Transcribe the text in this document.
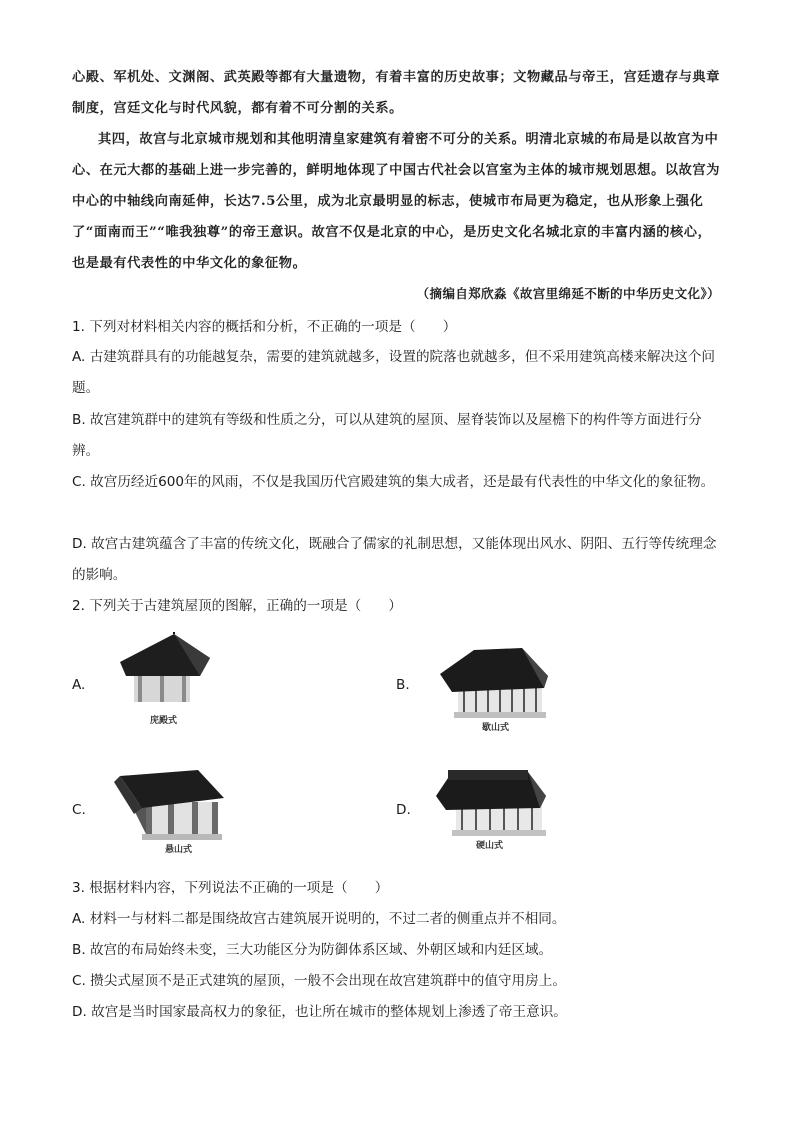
心殿、军机处、文渊阁、武英殿等都有大量遗物，有着丰富的历史故事；文物藏品与帝王，宫廷遗存与典章制度，宫廷文化与时代风貌，都有着不可分割的关系。

其四，故宫与北京城市规划和其他明清皇家建筑有着密不可分的关系。明清北京城的布局是以故宫为中心、在元大都的基础上进一步完善的，鲜明地体现了中国古代社会以宫室为主体的城市规划思想。以故宫为中心的中轴线向南延伸，长达7.5公里，成为北京最明显的标志，使城市布局更为稳定，也从形象上强化了“面南而王”“唯我独尊”的帝王意识。故宫不仅是北京的中心，是历史文化名城北京的丰富内涵的核心，也是最有代表性的中华文化的象征物。

（摘编自郑欣淼《故宫里绵延不断的中华历史文化》）

1. 下列对材料相关内容的概括和分析，不正确的一项是（　　）

A. 古建筑群具有的功能越复杂，需要的建筑就越多，设置的院落也就越多，但不采用建筑高楼来解决这个问题。

B. 故宫建筑群中的建筑有等级和性质之分，可以从建筑的屋顶、屋脊装饰以及屋檐下的构件等方面进行分辨。

C. 故宫历经近600年的风雨，不仅是我国历代宫殿建筑的集大成者，还是最有代表性的中华文化的象征物。

D. 故宫古建筑蕴含了丰富的传统文化，既融合了儒家的礼制思想，又能体现出风水、阴阳、五行等传统理念的影响。

2. 下列关于古建筑屋顶的图解，正确的一项是（　　）

A.
庑殿式
B.
歇山式
C.
悬山式
D.
硬山式

3. 根据材料内容，下列说法不正确的一项是（　　）

A. 材料一与材料二都是围绕故宫古建筑展开说明的，不过二者的侧重点并不相同。

B. 故宫的布局始终未变，三大功能区分为防御体系区域、外朝区域和内廷区域。

C. 攒尖式屋顶不是正式建筑的屋顶，一般不会出现在故宫建筑群中的值守用房上。

D. 故宫是当时国家最高权力的象征，也让所在城市的整体规划上渗透了帝王意识。
